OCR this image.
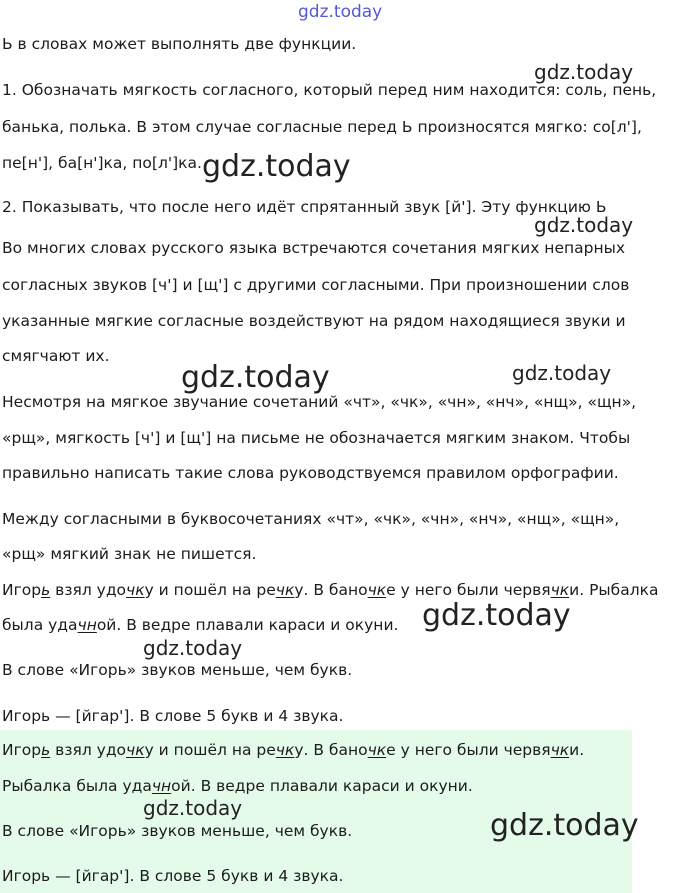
Ь в словах может выполнять две функции.
1. Обозначать мягкость согласного, который перед ним находится: соль, пень,
банька, полька. В этом случае согласные перед Ь произносятся мягко: со[л'],
пе[н'], ба[н']ка, по[л']ка.
2. Показывать, что после него идёт спрятанный звук [й']. Эту функцию Ь
Во многих словах русского языка встречаются сочетания мягких непарных
согласных звуков [ч'] и [щ'] с другими согласными. При произношении слов
указанные мягкие согласные воздействуют на рядом находящиеся звуки и
смягчают их.
Несмотря на мягкое звучание сочетаний «чт», «чк», «чн», «нч», «нщ», «щн»,
«рщ», мягкость [ч'] и [щ'] на письме не обозначается мягким знаком. Чтобы
правильно написать такие слова руководствуемся правилом орфографии.
Между согласными в буквосочетаниях «чт», «чк», «чн», «нч», «нщ», «щн»,
«рщ» мягкий знак не пишется.
Игорь взял удочку и пошёл на речку. В баночке у него были червячки. Рыбалка
была удачной. В ведре плавали караси и окуни.
В слове «Игорь» звуков меньше, чем букв.
Игорь — [йгар']. В слове 5 букв и 4 звука.
Игорь взял удочку и пошёл на речку. В баночке у него были червячки.
Рыбалка была удачной. В ведре плавали караси и окуни.
В слове «Игорь» звуков меньше, чем букв.
Игорь — [йгар']. В слове 5 букв и 4 звука.
gdz.today
gdz.today
gdz.today
gdz.today
gdz.today	gdz.today
gdz.today
gdz.today
gdz.today	gdz.today
